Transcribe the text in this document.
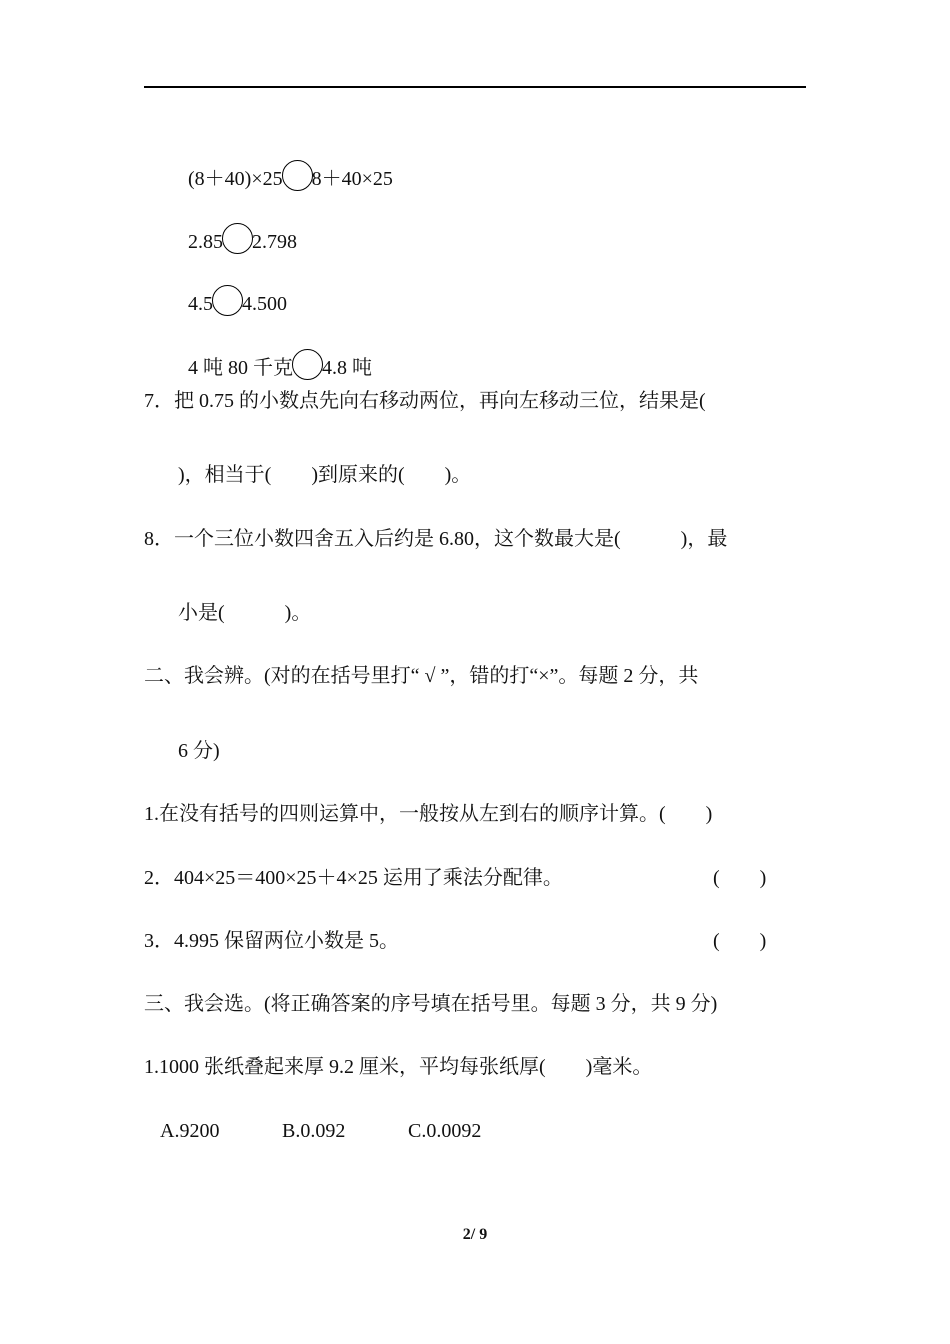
(8＋40)×25 8＋40×25

2.85 2.798

4.5 4.500

4 吨 80 千克 4.8 吨

7．把 0.75 的小数点先向右移动两位，再向左移动三位，结果是(
)，相当于(　　)到原来的(　　)。
8．一个三位小数四舍五入后约是 6.80，这个数最大是(　　　)，最
小是(　　　)。
二、我会辨。(对的在括号里打“ √ ”，错的打“×”。每题 2 分，共
6 分)
1.在没有括号的四则运算中，一般按从左到右的顺序计算。(　　)
2．404×25＝400×25＋4×25 运用了乘法分配律。	(　　)
3．4.995 保留两位小数是 5。	(　　)
三、我会选。(将正确答案的序号填在括号里。每题 3 分，共 9 分)
1.1000 张纸叠起来厚 9.2 厘米，平均每张纸厚(　　)毫米。
A.9200	B.0.092	C.0.0092
2/ 9
